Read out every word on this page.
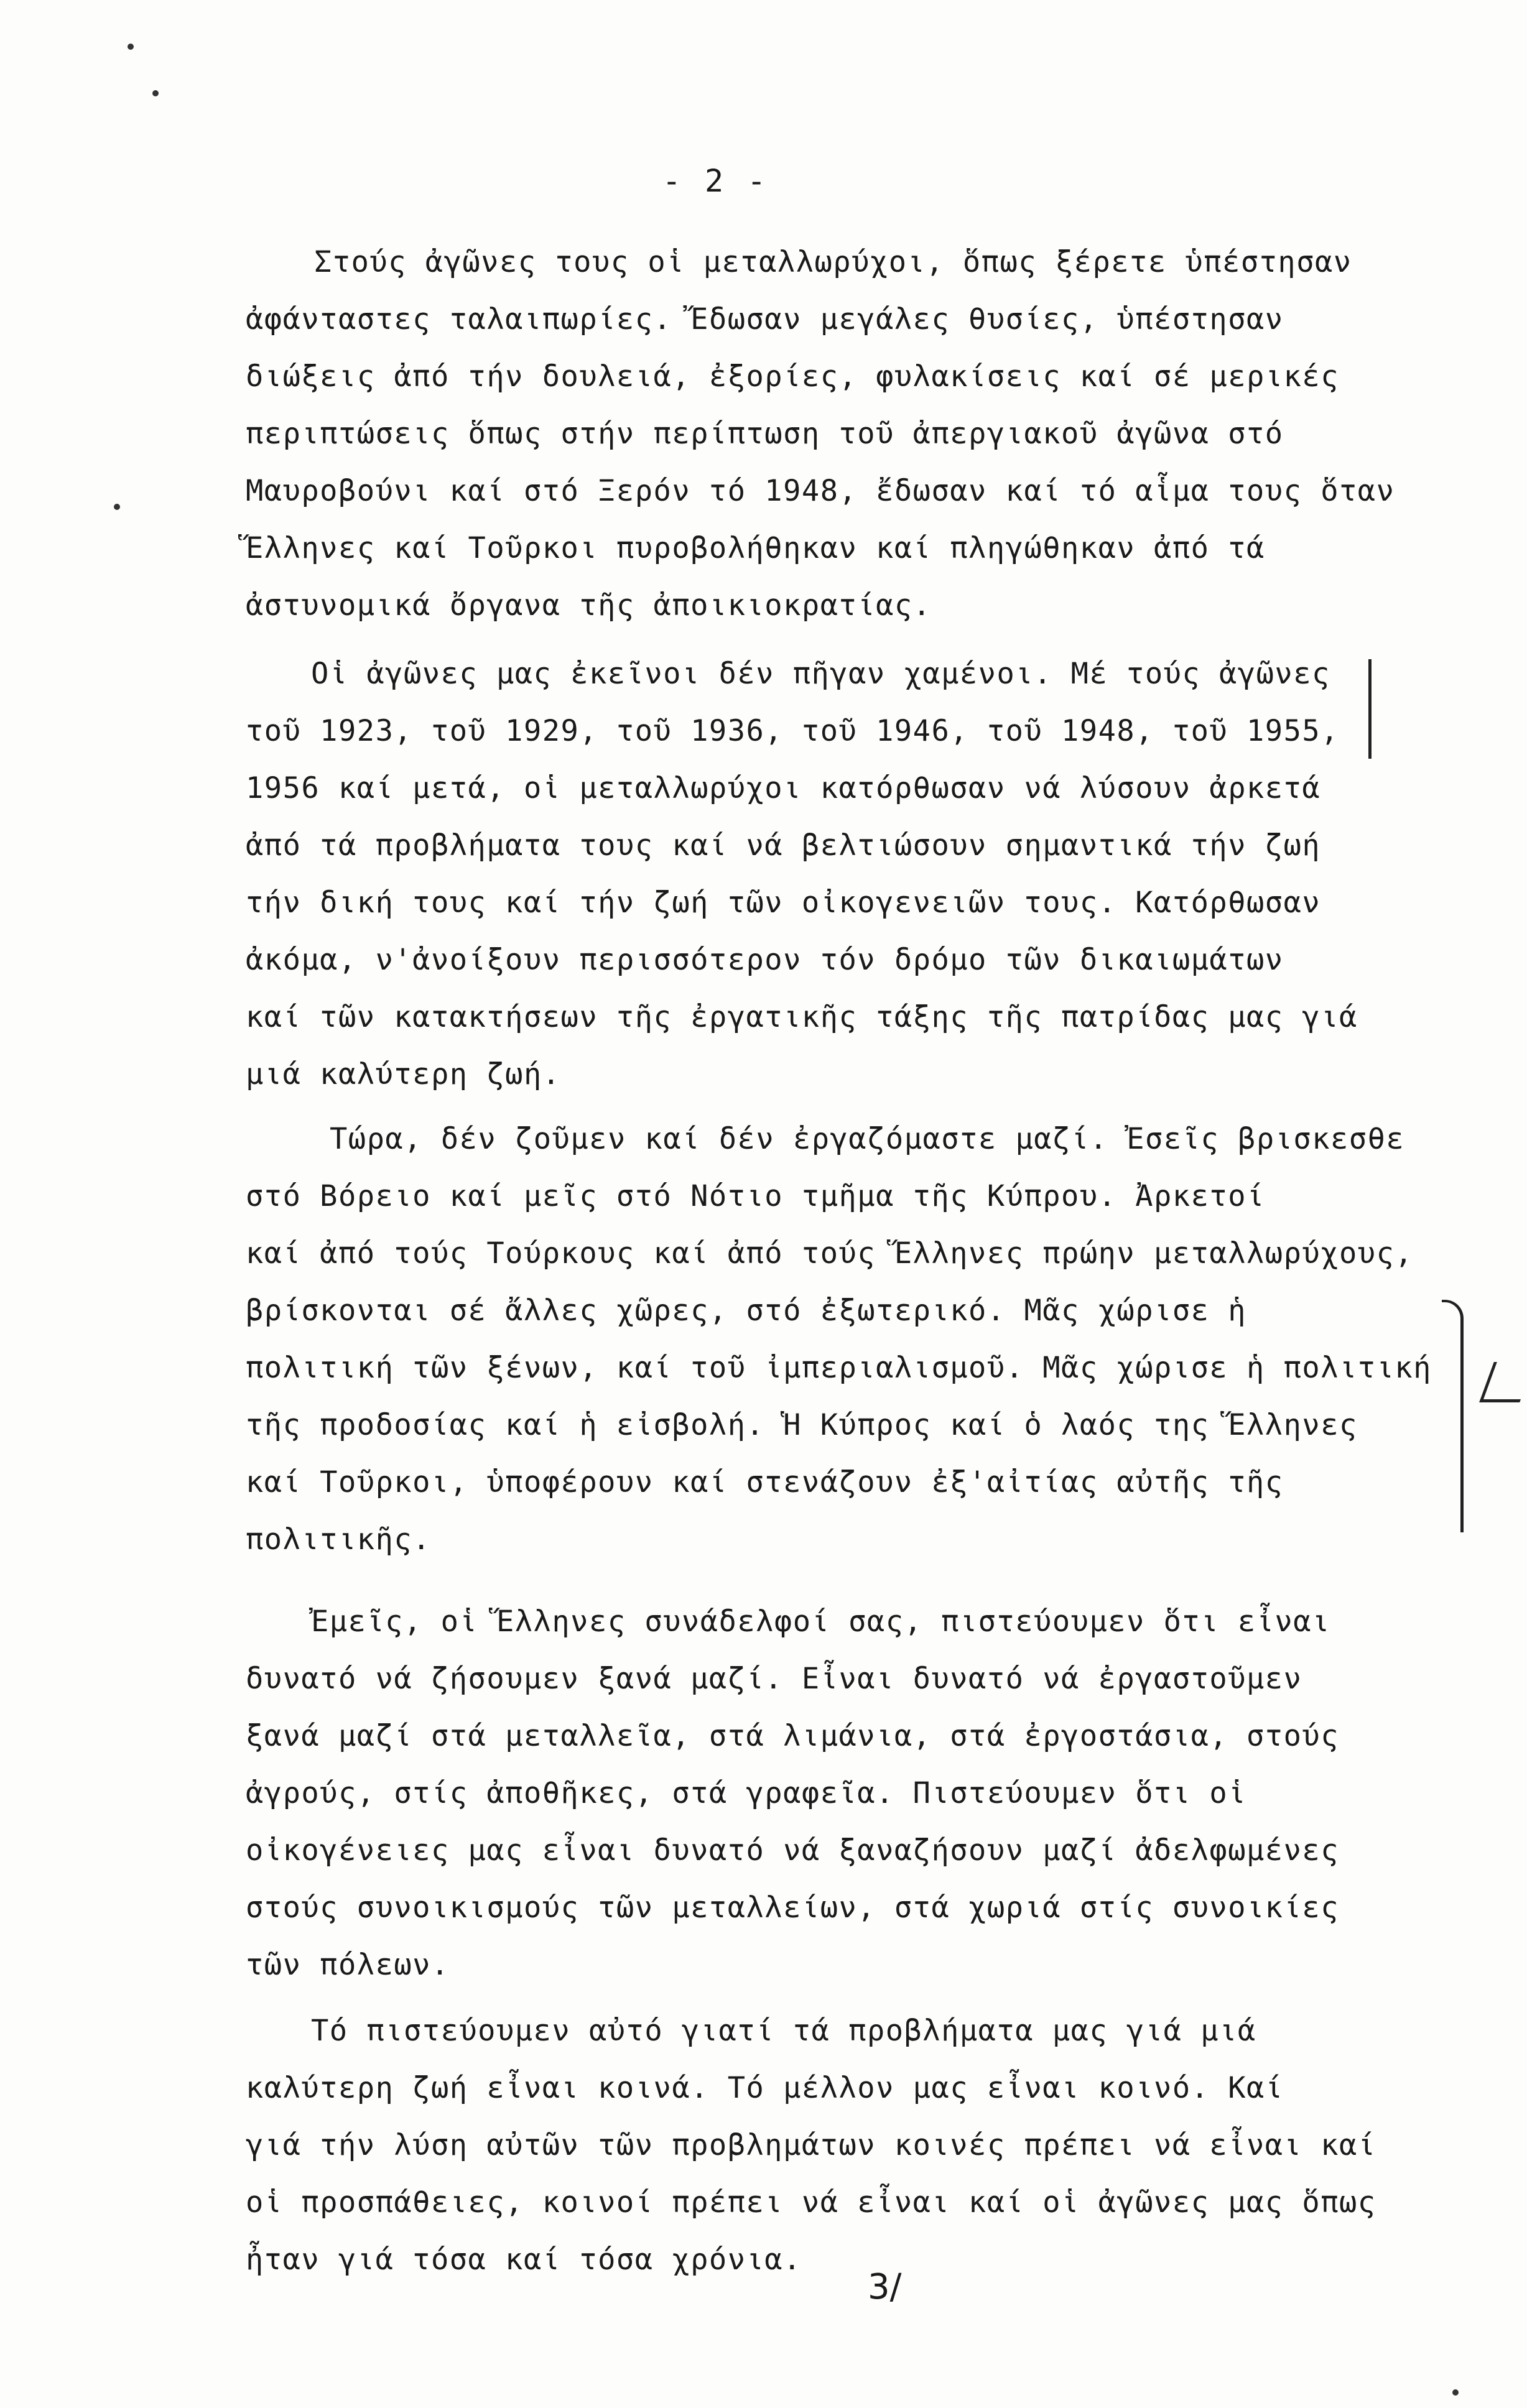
- 2 -
Στούς ἀγῶνες τους οἱ μεταλλωρύχοι, ὅπως ξέρετε ὑπέστησαν
ἀφάνταστες ταλαιπωρίες. Ἔδωσαν μεγάλες θυσίες, ὑπέστησαν
διώξεις ἀπό τήν δουλειά, ἐξορίες, φυλακίσεις καί σέ μερικές
περιπτώσεις ὅπως στήν περίπτωση τοῦ ἀπεργιακοῦ ἀγῶνα στό
Μαυροβούνι καί στό Ξερόν τό 1948, ἔδωσαν καί τό αἷμα τους ὅταν
Ἕλληνες καί Τοῦρκοι πυροβολήθηκαν καί πληγώθηκαν ἀπό τά
ἀστυνομικά ὄργανα τῆς ἀποικιοκρατίας.
Οἱ ἀγῶνες μας ἐκεῖνοι δέν πῆγαν χαμένοι. Μέ τούς ἀγῶνες
τοῦ 1923, τοῦ 1929, τοῦ 1936, τοῦ 1946, τοῦ 1948, τοῦ 1955,
1956 καί μετά, οἱ μεταλλωρύχοι κατόρθωσαν νά λύσουν ἀρκετά
ἀπό τά προβλήματα τους καί νά βελτιώσουν σημαντικά τήν ζωή
τήν δική τους καί τήν ζωή τῶν οἰκογενειῶν τους. Κατόρθωσαν
ἀκόμα, ν'ἀνοίξουν περισσότερον τόν δρόμο τῶν δικαιωμάτων
καί τῶν κατακτήσεων τῆς ἐργατικῆς τάξης τῆς πατρίδας μας γιά
μιά καλύτερη ζωή.
Τώρα, δέν ζοῦμεν καί δέν ἐργαζόμαστε μαζί. Ἐσεῖς βρισκεσθε
στό Βόρειο καί μεῖς στό Νότιο τμῆμα τῆς Κύπρου. Ἀρκετοί
καί ἀπό τούς Τούρκους καί ἀπό τούς Ἕλληνες πρώην μεταλλωρύχους,
βρίσκονται σέ ἄλλες χῶρες, στό ἐξωτερικό. Μᾶς χώρισε ἡ
πολιτική τῶν ξένων, καί τοῦ ἰμπεριαλισμοῦ. Μᾶς χώρισε ἡ πολιτική
τῆς προδοσίας καί ἡ εἰσβολή. Ἡ Κύπρος καί ὁ λαός της Ἕλληνες
καί Τοῦρκοι, ὑποφέρουν καί στενάζουν ἐξ'αἰτίας αὐτῆς τῆς
πολιτικῆς.
Ἐμεῖς, οἱ Ἕλληνες συνάδελφοί σας, πιστεύουμεν ὅτι εἶναι
δυνατό νά ζήσουμεν ξανά μαζί. Εἶναι δυνατό νά ἐργαστοῦμεν
ξανά μαζί στά μεταλλεῖα, στά λιμάνια, στά ἐργοστάσια, στούς
ἀγρούς, στίς ἀποθῆκες, στά γραφεῖα. Πιστεύουμεν ὅτι οἱ
οἰκογένειες μας εἶναι δυνατό νά ξαναζήσουν μαζί ἀδελφωμένες
στούς συνοικισμούς τῶν μεταλλείων, στά χωριά στίς συνοικίες
τῶν πόλεων.
Τό πιστεύουμεν αὐτό γιατί τά προβλήματα μας γιά μιά
καλύτερη ζωή εἶναι κοινά. Τό μέλλον μας εἶναι κοινό. Καί
γιά τήν λύση αὐτῶν τῶν προβλημάτων κοινές πρέπει νά εἶναι καί
οἱ προσπάθειες, κοινοί πρέπει νά εἶναι καί οἱ ἀγῶνες μας ὅπως
ἦταν γιά τόσα καί τόσα χρόνια.
3/
